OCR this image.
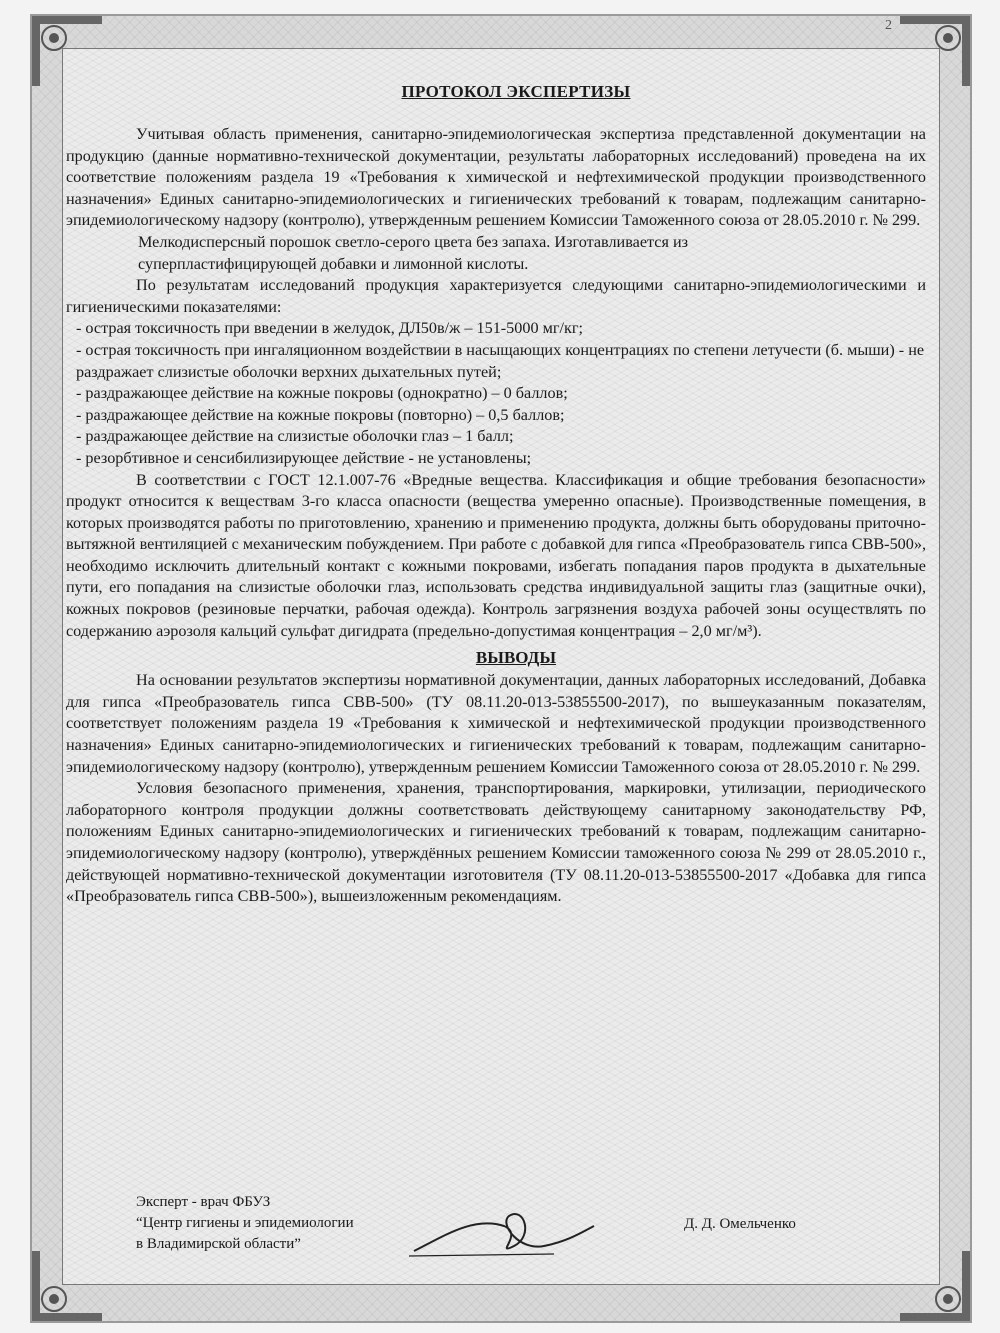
2
ПРОТОКОЛ ЭКСПЕРТИЗЫ

Учитывая область применения, санитарно-эпидемиологическая экспертиза представленной документации на продукцию (данные нормативно-технической документации, результаты лабораторных исследований) проведена на их соответствие положениям раздела 19 «Требования к химической и нефтехимической продукции производственного назначения» Единых санитарно-эпидемиологических и гигиенических требований к товарам, подлежащим санитарно-эпидемиологическому надзору (контролю), утвержденным решением Комиссии Таможенного союза от 28.05.2010 г. № 299.

Мелкодисперсный порошок светло-серого цвета без запаха. Изготавливается из

суперпластифицирующей добавки и лимонной кислоты.

По результатам исследований продукция характеризуется следующими санитарно-эпидемиологическими и гигиеническими показателями:

- острая токсичность при введении в желудок, ДЛ50в/ж – 151-5000 мг/кг;
- острая токсичность при ингаляционном воздействии в насыщающих концентрациях по степени летучести (б. мыши) - не раздражает слизистые оболочки верхних дыхательных путей;
- раздражающее действие на кожные покровы (однократно) – 0 баллов;
- раздражающее действие на кожные покровы (повторно) – 0,5 баллов;
- раздражающее действие на слизистые оболочки глаз – 1 балл;
- резорбтивное и сенсибилизирующее действие - не установлены;

В соответствии с ГОСТ 12.1.007-76 «Вредные вещества. Классификация и общие требования безопасности» продукт относится к веществам 3-го класса опасности (вещества умеренно опасные). Производственные помещения, в которых производятся работы по приготовлению, хранению и применению продукта, должны быть оборудованы приточно-вытяжной вентиляцией с механическим побуждением. При работе с добавкой для гипса «Преобразователь гипса СВВ-500», необходимо исключить длительный контакт с кожными покровами, избегать попадания паров продукта в дыхательные пути, его попадания на слизистые оболочки глаз, использовать средства индивидуальной защиты глаз (защитные очки), кожных покровов (резиновые перчатки, рабочая одежда). Контроль загрязнения воздуха рабочей зоны осуществлять по содержанию аэрозоля кальций сульфат дигидрата (предельно-допустимая концентрация – 2,0 мг/м³).

ВЫВОДЫ

На основании результатов экспертизы нормативной документации, данных лабораторных исследований, Добавка для гипса «Преобразователь гипса СВВ-500» (ТУ 08.11.20-013-53855500-2017), по вышеуказанным показателям, соответствует положениям раздела 19 «Требования к химической и нефтехимической продукции производственного назначения» Единых санитарно-эпидемиологических и гигиенических требований к товарам, подлежащим санитарно-эпидемиологическому надзору (контролю), утвержденным решением Комиссии Таможенного союза от 28.05.2010 г. № 299.

Условия безопасного применения, хранения, транспортирования, маркировки, утилизации, периодического лабораторного контроля продукции должны соответствовать действующему санитарному законодательству РФ, положениям Единых санитарно-эпидемиологических и гигиенических требований к товарам, подлежащим санитарно-эпидемиологическому надзору (контролю), утверждённых решением Комиссии таможенного союза № 299 от 28.05.2010 г., действующей нормативно-технической документации изготовителя (ТУ 08.11.20-013-53855500-2017 «Добавка для гипса «Преобразователь гипса СВВ-500»), вышеизложенным рекомендациям.

Эксперт - врач ФБУЗ
“Центр гигиены и эпидемиологии
в Владимирской области”
Д. Д. Омельченко
